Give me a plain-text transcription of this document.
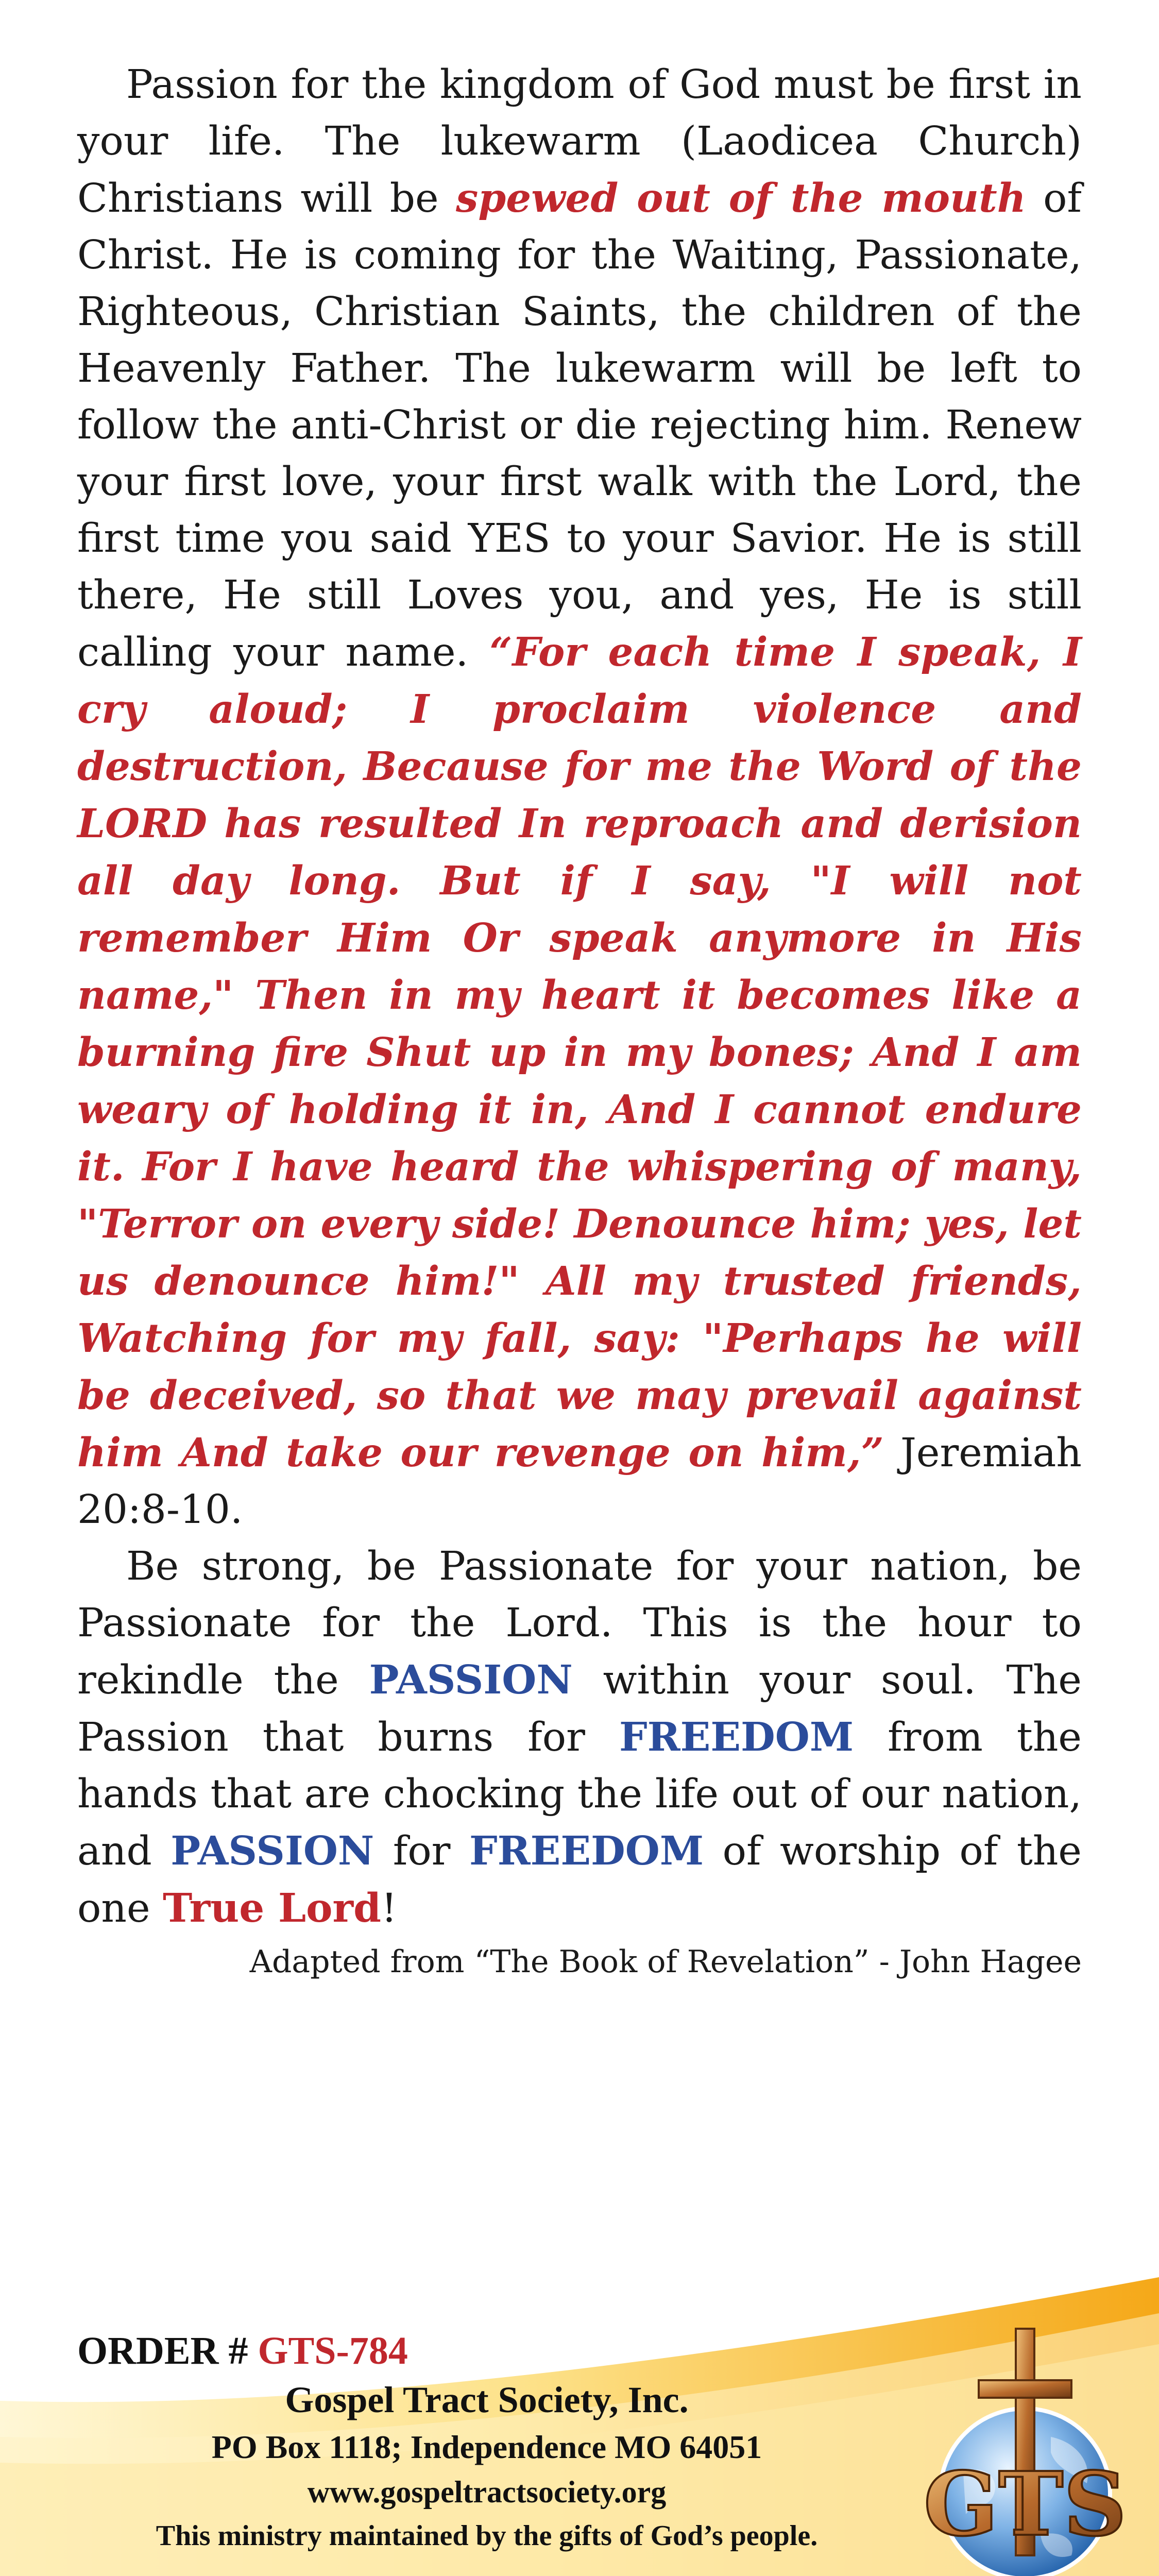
Passion for the kingdom of God must be first in your life. The lukewarm (Laodicea Church) Christians will be spewed out of the mouth of Christ. He is coming for the Waiting, Passionate, Righteous, Christian Saints, the children of the Heavenly Father. The lukewarm will be left to follow the anti-Christ or die rejecting him. Renew your first love, your first walk with the Lord, the first time you said YES to your Savior. He is still there, He still Loves you, and yes, He is still calling your name. “For each time I speak, I cry aloud; I proclaim violence and destruction, Because for me the Word of the LORD has resulted In reproach and derision all day long. But if I say, "I will not remember Him Or speak anymore in His name," Then in my heart it becomes like a burning fire Shut up in my bones; And I am weary of holding it in, And I cannot endure it. For I have heard the whispering of many, "Terror on every side! Denounce him; yes, let us denounce him!" All my trusted friends, Watching for my fall, say: "Perhaps he will be deceived, so that we may prevail against him And take our revenge on him,” Jeremiah 20:8-10.

Be strong, be Passionate for your nation, be Passionate for the Lord. This is the hour to rekindle the PASSION within your soul. The Passion that burns for FREEDOM from the hands that are chocking the life out of our nation, and PASSION for FREEDOM of worship of the one True Lord!

Adapted from “The Book of Revelation” - John Hagee

ORDER # GTS-784
Gospel Tract Society, Inc.
PO Box 1118; Independence MO 64051
www.gospeltractsociety.org
This ministry maintained by the gifts of God’s people.	GTS
